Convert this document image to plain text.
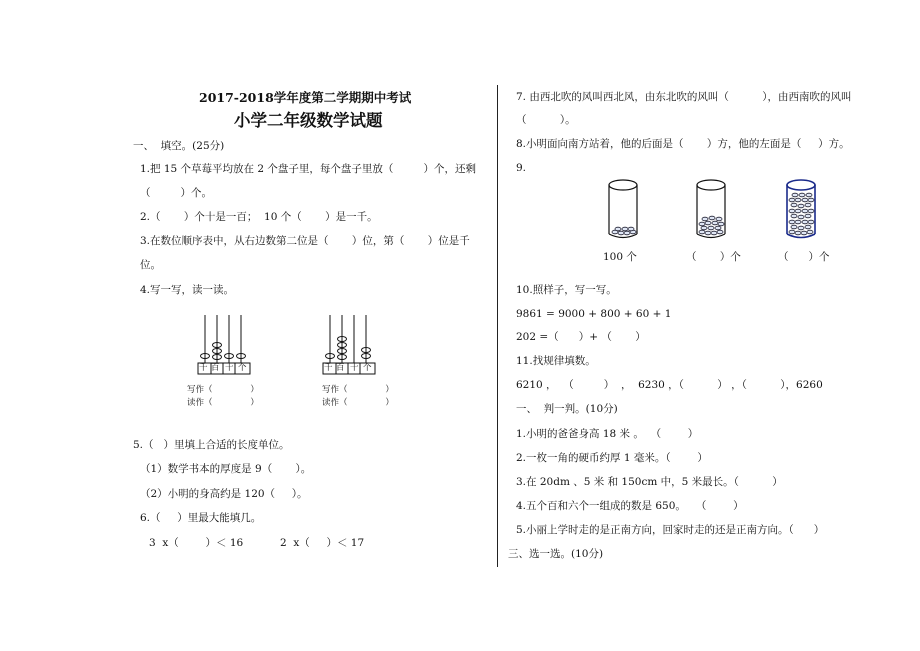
2017-2018学年度第二学期期中考试
小学二年级数学试题
一、  填空。(25分)
1.把 15 个草莓平均放在 2 个盘子里，每个盘子里放（         ）个，还剩
（         ）个。
2.（       ）个十是一百；  10 个（       ）是一千。
3.在数位顺序表中，从右边数第二位是（       ）位，第（       ）位是千
位。
4.写一写，读一读。
千 百 十 个
写作（              ）
读作（              ）
千 百 十 个
写作（              ）
读作（              ）
5.（   ）里填上合适的长度单位。
（1）数学书本的厚度是 9（       ）。
（2）小明的身高约是 120（     ）。
6.（     ）里最大能填几。
3  x（        ）＜ 16	2  x（     ）＜ 17
7. 由西北吹的风叫西北风，由东北吹的风叫（          ），由西南吹的风叫
（          ）。
8.小明面向南方站着，他的后面是（       ）方，他的左面是（     ）方。
9.
100 个	（       ）个	（      ）个
10.照样子，写一写。
9861 = 9000 + 800 + 60 + 1
202 =（      ）+ （       ）
11.找规律填数。
6210 ，  （         ）  ，  6230 ，（          ） ，（          ），6260
一、  判一判。(10分)
1.小明的爸爸身高 18 米 。  （        ）
2.一枚一角的硬币约厚 1 毫米。（        ）
3.在 20dm 、5 米 和 150cm 中，5 米最长。（          ）
4.五个百和六个一组成的数是 650。   （        ）
5.小丽上学时走的是正南方向，回家时走的还是正南方向。（      ）
三、选一选。(10分)
